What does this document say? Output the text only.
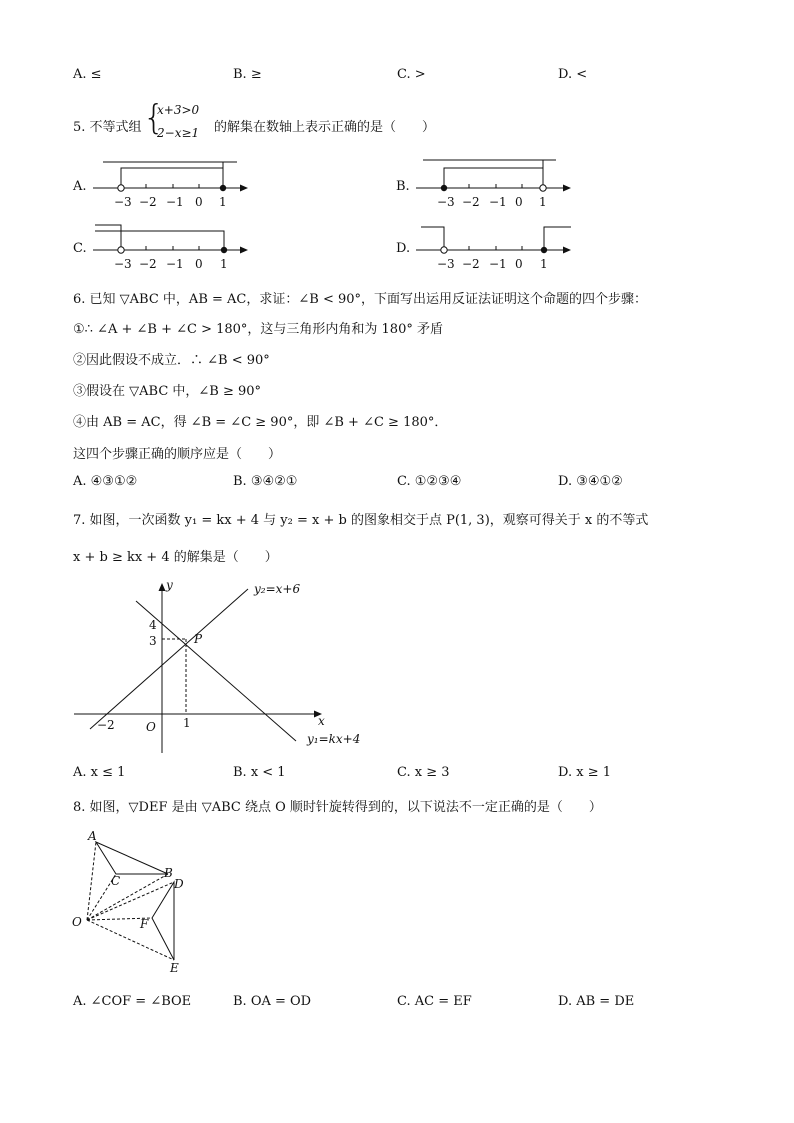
A. ≤	B. ≥	C. >	D. <
5. 不等式组 {
x+3>0
2−x≥1 的解集在数轴上表示正确的是（　　）
A.	B.
C.	D.
−3 −2 −1 0 1	−3 −2 −1 0 1
−3 −2 −1 0 1	−3 −2 −1 0 1
6. 已知 ▽ABC 中，AB = AC，求证：∠B < 90°，下面写出运用反证法证明这个命题的四个步骤：
①∴ ∠A + ∠B + ∠C > 180°，这与三角形内角和为 180° 矛盾
②因此假设不成立．∴ ∠B < 90°
③假设在 ▽ABC 中，∠B ≥ 90°
④由 AB = AC，得 ∠B = ∠C ≥ 90°，即 ∠B + ∠C ≥ 180°．
这四个步骤正确的顺序应是（　　）
A. ④③①②	B. ③④②①	C. ①②③④	D. ③④①②
7. 如图，一次函数 y₁ = kx + 4 与 y₂ = x + b 的图象相交于点 P(1, 3)，观察可得关于 x 的不等式
x + b ≥ kx + 4 的解集是（　　）
y
x
y₂=x+6
y₁=kx+4
P
O
4
3
−2	1
A. x ≤ 1	B. x < 1	C. x ≥ 3	D. x ≥ 1
8. 如图，▽DEF 是由 ▽ABC 绕点 O 顺时针旋转得到的，以下说法不一定正确的是（　　）
A
B
C	D
E
F
O
A. ∠COF = ∠BOE	B. OA = OD	C. AC = EF	D. AB = DE
